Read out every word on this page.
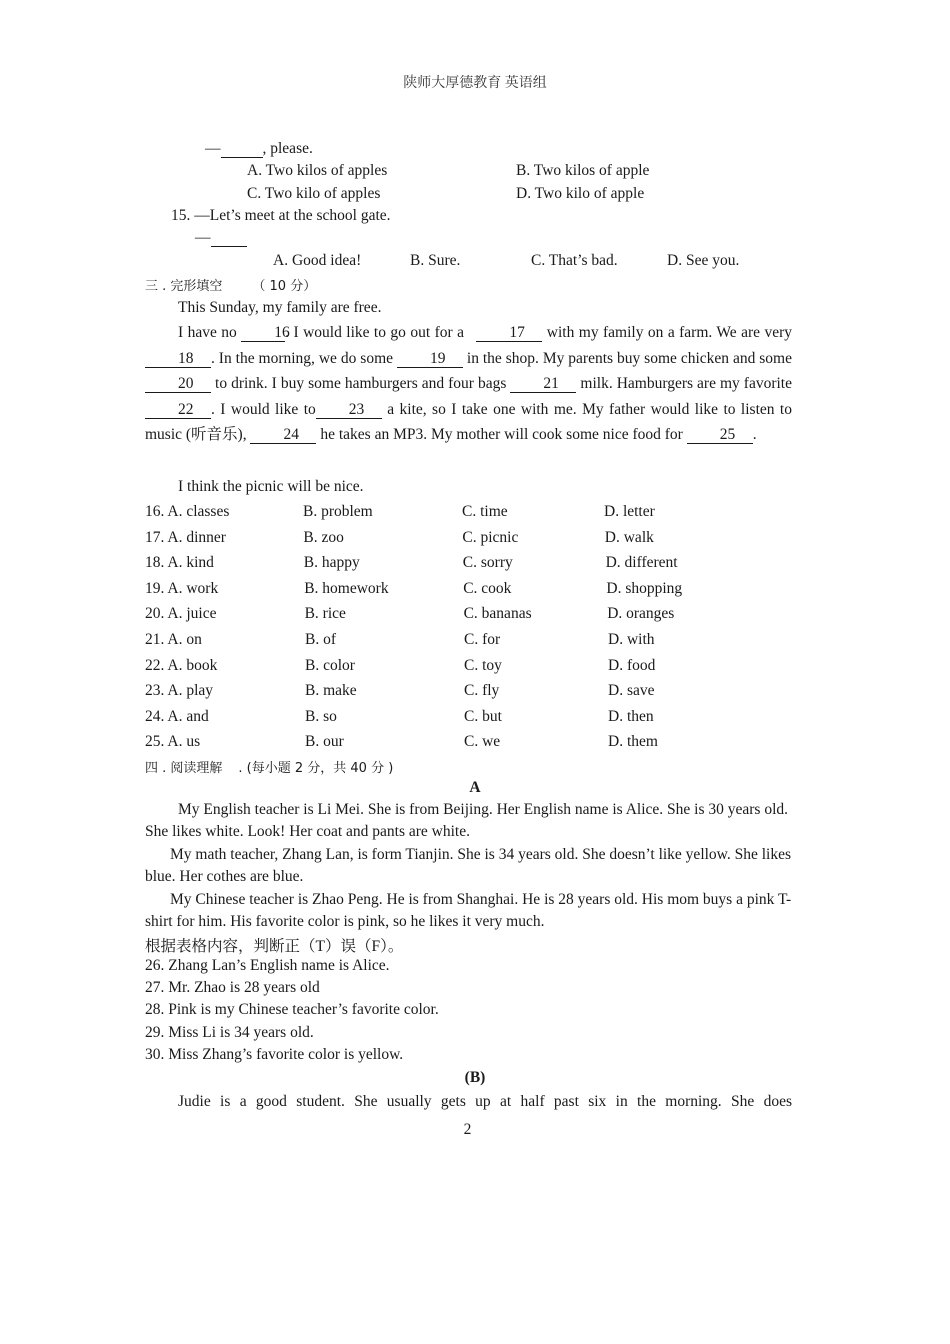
陕师大厚德教育 英语组
—	, please.
A. Two kilos of apples	B. Two kilos of apple
C. Two kilo of apples	D. Two kilo of apple
15. —Let’s meet at the school gate.
—
A. Good idea!	B. Sure.	C. That’s bad.	D. See you.
三 . 完形填空 （ 10 分）
This Sunday, my family are free.
I have no 16. I would like to go out for a	17 with my family on a farm. We are very 18 . In the morning, we do some 19 in the shop. My parents buy some chicken and some 20 to drink. I buy some hamburgers and four bags 21 milk. Hamburgers are my favorite 22 . I would like to 23 a kite, so I take one with me. My father would like to listen to music (听音乐), 24 he takes an MP3. My mother will cook some nice food for 25 .
I think the picnic will be nice.
16. A. classes	B. problem	C. time	D. letter
17. A. dinner	B. zoo	C. picnic	D. walk
18. A. kind	B. happy	C. sorry	D. different
19. A. work	B. homework	C. cook	D. shopping
20. A. juice	B. rice	C. bananas	D. oranges
21. A. on	B. of	C. for	D. with
22. A. book	B. color	C. toy	D. food
23. A. play	B. make	C. fly	D. save
24. A. and	B. so	C. but	D. then
25. A. us	B. our	C. we	D. them
四 . 阅读理解 . (每小题 2 分，共 40 分 )
A
My English teacher is Li Mei. She is from Beijing. Her English name is Alice. She is 30 years old. She likes white. Look! Her coat and pants are white.
My math teacher, Zhang Lan, is form Tianjin. She is 34 years old. She doesn’t like yellow. She likes blue. Her cothes are blue.
My Chinese teacher is Zhao Peng. He is from Shanghai. He is 28 years old. His mom buys a pink T-shirt for him. His favorite color is pink, so he likes it very much.
根据表格内容，判断正（T）误（F）。
26. Zhang Lan’s English name is Alice.
27. Mr. Zhao is 28 years old
28. Pink is my Chinese teacher’s favorite color.
29. Miss Li is 34 years old.
30. Miss Zhang’s favorite color is yellow.
(B)
Judie is a good student. She usually gets up at half past six in the morning. She does
2
